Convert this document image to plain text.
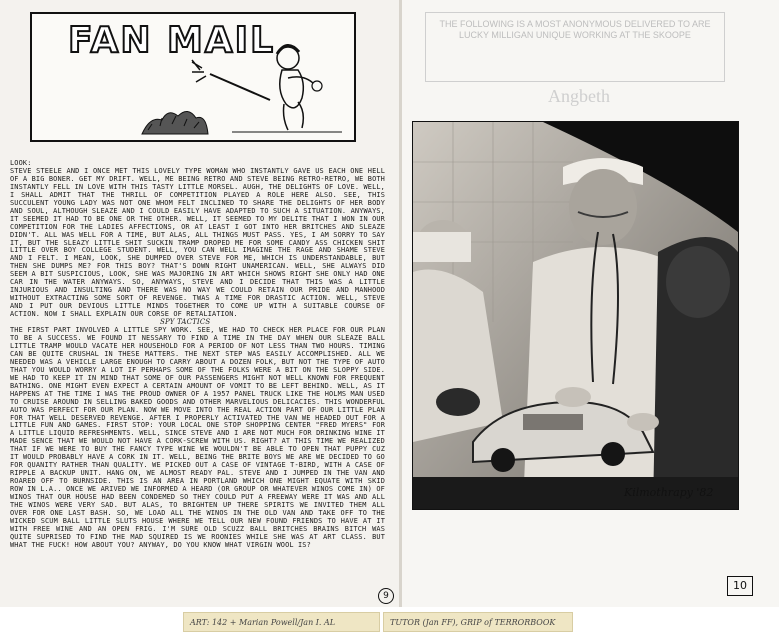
FAN MAIL

LOOK:

STEVE STEELE AND I ONCE MET THIS LOVELY TYPE WOMAN WHO INSTANTLY GAVE US EACH ONE HELL OF A BIG BONER. GET MY DRIFT. WELL, ME BEING RETRO AND STEVE BEING RETRO-RETRO, WE BOTH INSTANTLY FELL IN LOVE WITH THIS TASTY LITTLE MORSEL. AUGH, THE DELIGHTS OF LOVE. WELL, I SHALL ADMIT THAT THE THRILL OF COMPETITION PLAYED A ROLE HERE ALSO. SEE, THIS SUCCULENT YOUNG LADY WAS NOT ONE WHOM FELT INCLINED TO SHARE THE DELIGHTS OF HER BODY AND SOUL, ALTHOUGH SLEAZE AND I COULD EASILY HAVE ADAPTED TO SUCH A SITUATION. ANYWAYS, IT SEEMED IT HAD TO BE ONE OR THE OTHER. WELL, IT SEEMED TO MY DELITE THAT I WON IN OUR COMPETITION FOR THE LADIES AFFECTIONS, OR AT LEAST I GOT INTO HER BRITCHES AND SLEAZE DIDN'T. ALL WAS WELL FOR A TIME, BUT ALAS, ALL THINGS MUST PASS. YES, I AM SORRY TO SAY IT, BUT THE SLEAZY LITTLE SHIT SUCKIN TRAMP DROPED ME FOR SOME CANDY ASS CHICKEN SHIT LITTLE OVER BOY COLLEGE STUDENT. WELL, YOU CAN WELL IMAGINE THE RAGE AND SHAME STEVE AND I FELT. I MEAN, LOOK, SHE DUMPED OVER STEVE FOR ME, WHICH IS UNDERSTANDABLE, BUT THEN SHE DUMPS ME? FOR THIS BOY? THAT'S DOWN RIGHT UNAMERICAN. WELL, SHE ALWAYS DID SEEM A BIT SUSPICIOUS, LOOK, SHE WAS MAJORING IN ART WHICH SHOWS RIGHT SHE ONLY HAD ONE CAR IN THE WATER ANYWAYS. SO, ANYWAYS, STEVE AND I DECIDE THAT THIS WAS A LITTLE INJURIOUS AND INSULTING AND THERE WAS NO WAY WE COULD RETAIN OUR PRIDE AND MANHOOD WITHOUT EXTRACTING SOME SORT OF REVENGE. TWAS A TIME FOR DRASTIC ACTION. WELL, STEVE AND I PUT OUR DEVIOUS LITTLE MINDS TOGETHER TO COME UP WITH A SUITABLE COURSE OF ACTION. NOW I SHALL EXPLAIN OUR CORSE OF RETALIATION.

SPY TACTICS

THE FIRST PART INVOLVED A LITTLE SPY WORK. SEE, WE HAD TO CHECK HER PLACE FOR OUR PLAN TO BE A SUCCESS. WE FOUND IT NESSARY TO FIND A TIME IN THE DAY WHEN OUR SLEAZE BALL LITTLE TRAMP WOULD VACATE HER HOUSEHOLD FOR A PERIOD OF NOT LESS THAN TWO HOURS. TIMING CAN BE QUITE CRUSHAL IN THESE MATTERS. THE NEXT STEP WAS EASILY ACCOMPLISHED. ALL WE NEEDED WAS A VEHICLE LARGE ENOUGH TO CARRY ABOUT A DOZEN FOLK, BUT NOT THE TYPE OF AUTO THAT YOU WOULD WORRY A LOT IF PERHAPS SOME OF THE FOLKS WERE A BIT ON THE SLOPPY SIDE. WE HAD TO KEEP IT IN MIND THAT SOME OF OUR PASSENGERS MIGHT NOT WELL KNOWN FOR FREQUENT BATHING. ONE MIGHT EVEN EXPECT A CERTAIN AMOUNT OF VOMIT TO BE LEFT BEHIND. WELL, AS IT HAPPENS AT THE TIME I WAS THE PROUD OWNER OF A 1957 PANEL TRUCK LIKE THE HOLMS MAN USED TO CRUISE AROUND IN SELLING BAKED GOODS AND OTHER MARVELIOUS DELICACIES. THIS WONDERFUL AUTO WAS PERFECT FOR OUR PLAN. NOW WE MOVE INTO THE REAL ACTION PART OF OUR LITTLE PLAN FOR THAT WELL DESERVED REVENGE. AFTER I PROPERLY ACTIVATED THE VAN WE HEADED OUT FOR A LITTLE FUN AND GAMES. FIRST STOP: YOUR LOCAL ONE STOP SHOPPING CENTER "FRED MYERS" FOR A LITTLE LIQUID REFRESHMENTS. WELL, SINCE STEVE AND I ARE NOT MUCH FOR DRINKING WINE IT MADE SENCE THAT WE WOULD NOT HAVE A CORK-SCREW WITH US. RIGHT? AT THIS TIME WE REALIZED THAT IF WE WERE TO BUY THE FANCY TYPE WINE WE WOULDN'T BE ABLE TO OPEN THAT PUPPY CUZ IT WOULD PROBABLY HAVE A CORK IN IT. WELL, BEING THE BRITE BOYS WE ARE WE DECIDED TO GO FOR QUANITY RATHER THAN QUALITY. WE PICKED OUT A CASE OF VINTAGE T-BIRD, WITH A CASE OF RIPPLE A BACKUP UNIT. HANG ON, WE ALMOST READY PAL. STEVE AND I JUMPED IN THE VAN AND ROARED OFF TO BURNSIDE. THIS IS AN AREA IN PORTLAND WHICH ONE MIGHT EQUATE WITH SKID ROW IN L.A.. ONCE WE ARIVED WE INFORMED A HEARD (OR GROUP OR WHATEVER WINOS COME IN) OF WINOS THAT OUR HOUSE HAD BEEN CONDEMED SO THEY COULD PUT A FREEWAY WERE IT WAS AND ALL THE WINOS WERE VERY SAD. BUT ALAS, TO BRIGHTEN UP THERE SPIRITS WE INVITED THEM ALL OVER FOR ONE LAST BASH. SO, WE LOAD ALL THE WINOS IN THE OLD VAN AND TAKE OFF TO THE WICKED SCUM BALL LITTLE SLUTS HOUSE WHERE WE TELL OUR NEW FOUND FRIENDS TO HAVE AT IT WITH FREE WINE AND AN OPEN FRIG. I'M SURE OLD SCUZZ BALL BRITCHES BRAINS BITCH WAS QUITE SUPRISED TO FIND THE MAD SQUIRED IS WE ROONIES WHILE SHE WAS AT ART CLASS. BUT WHAT THE FUCK! HOW ABOUT YOU? ANYWAY, DO YOU KNOW WHAT VIRGIN WOOL IS?

9
THE FOLLOWING IS A MOST ANONYMOUS DELIVERED TO ARE LUCKY MILLIGAN UNIQUE WORKING AT THE SKOOPE
Angbeth
Kilmothrapy '82
10
ART: 142 + Marian Powell/Jan I. AL	TUTOR (Jan FF), GRIP of TERRORBOOK
